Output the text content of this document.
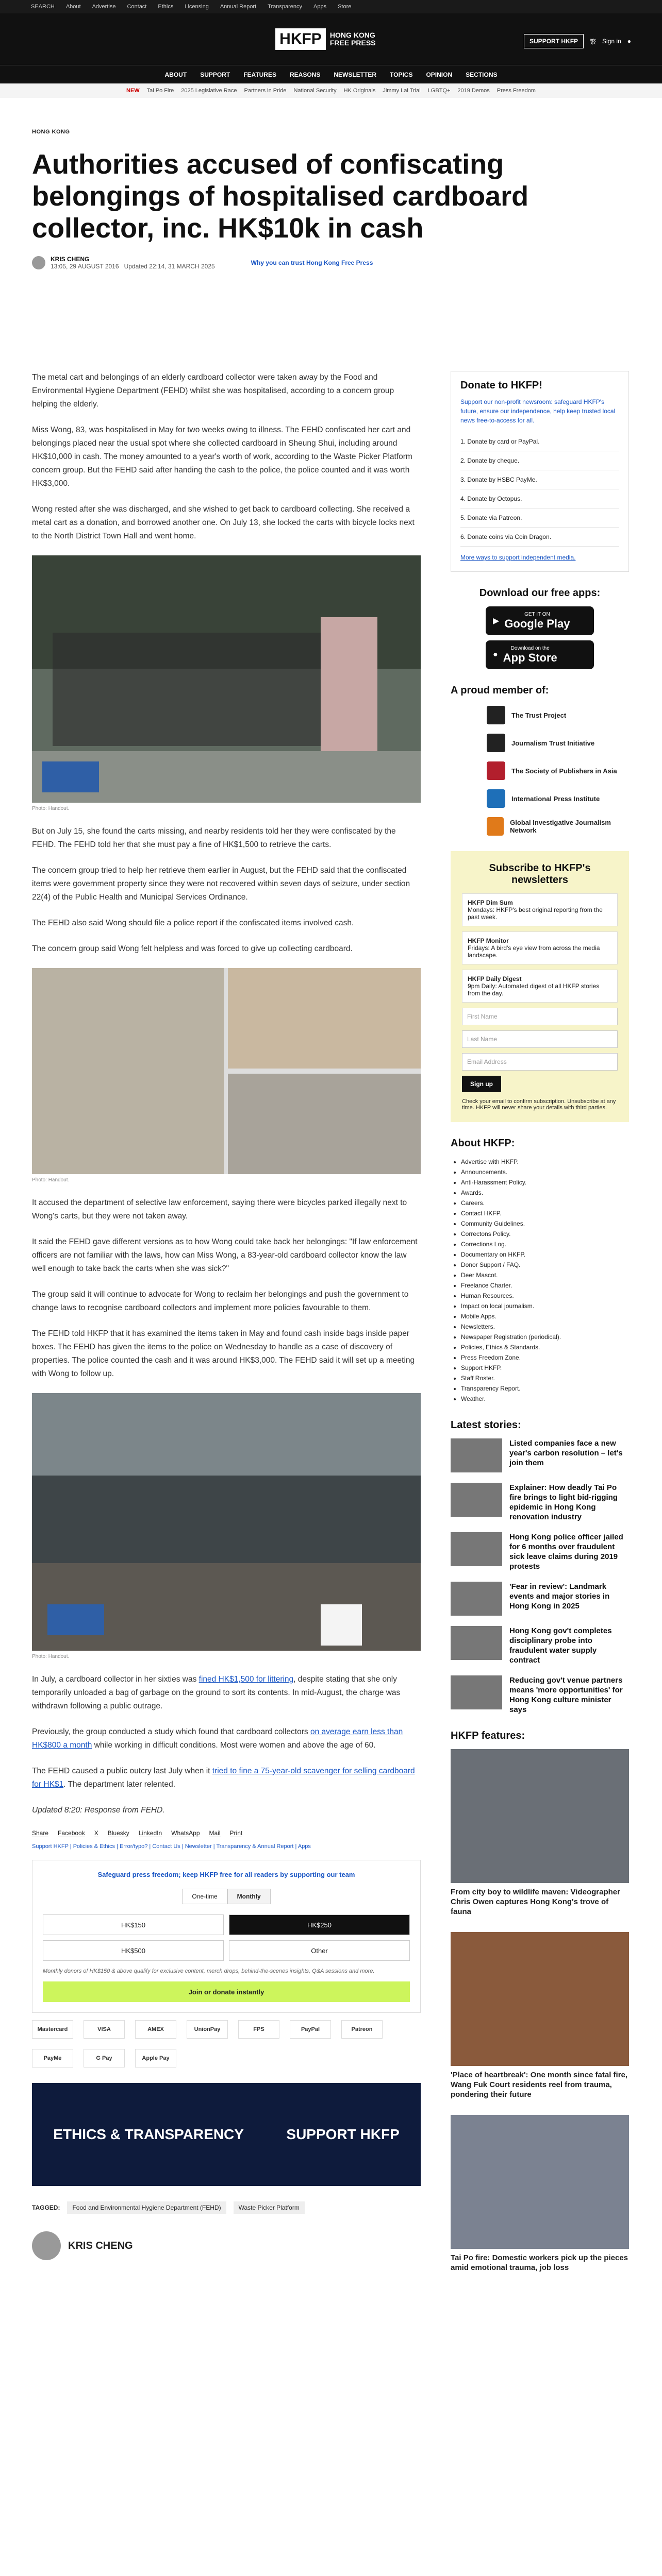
SEARCH About Advertise Contact Ethics Licensing Annual Report Transparency Apps Store
HKFP	HONG KONG FREE PRESS	SUPPORT HKFP	繁 Sign in ●
ABOUT SUPPORT FEATURES REASONS NEWSLETTER TOPICS OPINION SECTIONS
NEW Tai Po Fire 2025 Legislative Race Partners in Pride National Security HK Originals Jimmy Lai Trial LGBTQ+ 2019 Demos Press Freedom
HONG KONG
Authorities accused of confiscating belongings of hospitalised cardboard collector, inc. HK$10k in cash
KRIS CHENG
13:05, 29 AUGUST 2016 Updated 22:14, 31 MARCH 2025	Why you can trust Hong Kong Free Press

The metal cart and belongings of an elderly cardboard collector were taken away by the Food and Environmental Hygiene Department (FEHD) whilst she was hospitalised, according to a concern group helping the elderly.

Miss Wong, 83, was hospitalised in May for two weeks owing to illness. The FEHD confiscated her cart and belongings placed near the usual spot where she collected cardboard in Sheung Shui, including around HK$10,000 in cash. The money amounted to a year's worth of work, according to the Waste Picker Platform concern group. But the FEHD said after handing the cash to the police, the police counted and it was worth HK$3,000.

Wong rested after she was discharged, and she wished to get back to cardboard collecting. She received a metal cart as a donation, and borrowed another one. On July 13, she locked the carts with bicycle locks next to the North District Town Hall and went home.

Photo: Handout.

But on July 15, she found the carts missing, and nearby residents told her they were confiscated by the FEHD. The FEHD told her that she must pay a fine of HK$1,500 to retrieve the carts.

The concern group tried to help her retrieve them earlier in August, but the FEHD said that the confiscated items were government property since they were not recovered within seven days of seizure, under section 22(4) of the Public Health and Municipal Services Ordinance.

The FEHD also said Wong should file a police report if the confiscated items involved cash.

The concern group said Wong felt helpless and was forced to give up collecting cardboard.

Photo: Handout.

It accused the department of selective law enforcement, saying there were bicycles parked illegally next to Wong's carts, but they were not taken away.

It said the FEHD gave different versions as to how Wong could take back her belongings: "If law enforcement officers are not familiar with the laws, how can Miss Wong, a 83-year-old cardboard collector know the law well enough to take back the carts when she was sick?"

The group said it will continue to advocate for Wong to reclaim her belongings and push the government to change laws to recognise cardboard collectors and implement more policies favourable to them.

The FEHD told HKFP that it has examined the items taken in May and found cash inside bags inside paper boxes. The FEHD has given the items to the police on Wednesday to handle as a case of discovery of properties. The police counted the cash and it was around HK$3,000. The FEHD said it will set up a meeting with Wong to follow up.

Photo: Handout.

In July, a cardboard collector in her sixties was fined HK$1,500 for littering, despite stating that she only temporarily unloaded a bag of garbage on the ground to sort its contents. In mid-August, the charge was withdrawn following a public outrage.

Previously, the group conducted a study which found that cardboard collectors on average earn less than HK$800 a month while working in difficult conditions. Most were women and above the age of 60.

The FEHD caused a public outcry last July when it tried to fine a 75-year-old scavenger for selling cardboard for HK$1. The department later relented.

Updated 8:20: Response from FEHD.

Share Facebook X Bluesky LinkedIn WhatsApp Mail Print
Support HKFP | Policies & Ethics | Error/typo? | Contact Us | Newsletter | Transparency & Annual Report | Apps
Safeguard press freedom; keep HKFP free for all readers by supporting our team
One-time	Monthly
HK$150	HK$250
HK$500	Other
Monthly donors of HK$150 & above qualify for exclusive content, merch drops, behind-the-scenes insights, Q&A sessions and more.
Join or donate instantly
Mastercard	VISA	AMEX	UnionPay	FPS	PayPal	Patreon
PayMe	G Pay	Apple Pay
ETHICS & TRANSPARENCY	SUPPORT HKFP
TAGGED:	Food and Environmental Hygiene Department (FEHD)	Waste Picker Platform
KRIS CHENG
Donate to HKFP!
Support our non-profit newsroom: safeguard HKFP's future, ensure our independence, help keep trusted local news free-to-access for all.
1. Donate by card or PayPal.
2. Donate by cheque.
3. Donate by HSBC PayMe.
4. Donate by Octopus.
5. Donate via Patreon.
6. Donate coins via Coin Dragon.
More ways to support independent media.
Download our free apps:
▶
GET IT ON
Google Play
●
Download on the
App Store
A proud member of:
The Trust Project
Journalism Trust Initiative
The Society of Publishers in Asia
International Press Institute
Global Investigative Journalism Network
Subscribe to HKFP's newsletters
HKFP Dim Sum
Mondays: HKFP's best original reporting from the past week.
HKFP Monitor
Fridays: A bird's eye view from across the media landscape.
HKFP Daily Digest
9pm Daily: Automated digest of all HKFP stories from the day.
First Name
Last Name
Email Address
Sign up
Check your email to confirm subscription. Unsubscribe at any time. HKFP will never share your details with third parties.
About HKFP:
• Advertise with HKFP.
• Announcements.
• Anti-Harassment Policy.
• Awards.
• Careers.
• Contact HKFP.
• Community Guidelines.
• Correctons Policy.
• Corrections Log.
• Documentary on HKFP.
• Donor Support / FAQ.
• Deer Mascot.
• Freelance Charter.
• Human Resources.
• Impact on local journalism.
• Mobile Apps.
• Newsletters.
• Newspaper Registration (periodical).
• Policies, Ethics & Standards.
• Press Freedom Zone.
• Support HKFP.
• Staff Roster.
• Transparency Report.
• Weather.
Latest stories:
Listed companies face a new year's carbon resolution – let's join them
Explainer: How deadly Tai Po fire brings to light bid-rigging epidemic in Hong Kong renovation industry
Hong Kong police officer jailed for 6 months over fraudulent sick leave claims during 2019 protests
'Fear in review': Landmark events and major stories in Hong Kong in 2025
Hong Kong gov't completes disciplinary probe into fraudulent water supply contract
Reducing gov't venue partners means 'more opportunities' for Hong Kong culture minister says
HKFP features:
From city boy to wildlife maven: Videographer Chris Owen captures Hong Kong's trove of fauna
'Place of heartbreak': One month since fatal fire, Wang Fuk Court residents reel from trauma, pondering their future
Tai Po fire: Domestic workers pick up the pieces amid emotional trauma, job loss
